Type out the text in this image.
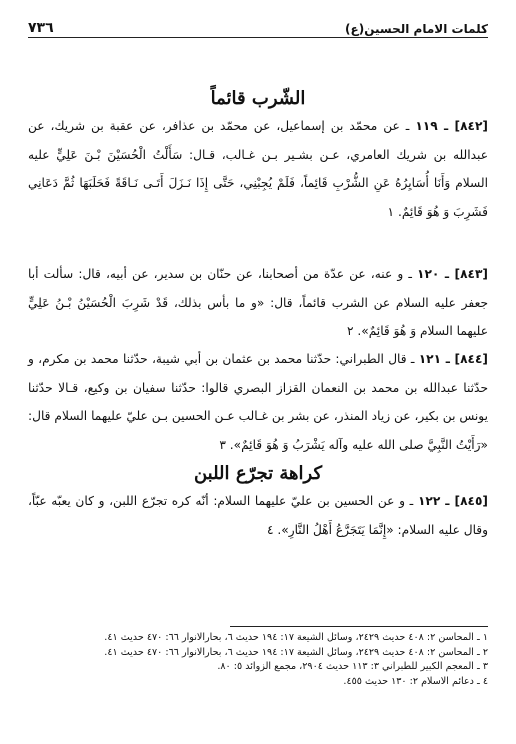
كلمات الامام الحسين(ع)
٧٣٦
الشّرب قائماً
[٨٤٢] ـ ١١٩ ـ عن محمّد بن إسماعيل، عن محمّد بن عذافر، عن عقبة بن شريك، عن عبدالله بن شريك العامري، عـن بشـير بـن غـالب، قـال: سَأَلْتُ الْحُسَيْنَ بْـنَ عَلِيٍّ عليه السلام وَأَنَا أُسَايِرُهُ عَنِ الشُّرْبِ قَائِماً، فَلَمْ يُجِبْنِي، حَتَّى إِذَا نَـزَلَ أَتَـى نَـاقَةً فَحَلَبَهَا ثُمَّ دَعَانِي فَشَرِبَ وَ هُوَ قَائِمٌ. ١
[٨٤٣] ـ ١٢٠ ـ و عنه، عن عدّة من أصحابنا، عن حنّان بن سدير، عن أبيه، قال: سألت أبا جعفر عليه السلام عن الشرب قائماً، قال: «و ما بأس بذلك، قَدْ شَرِبَ الْحُسَيْنُ بْـنُ عَلِيٍّ عليهما السلام وَ هُوَ قَائِمٌ». ٢
[٨٤٤] ـ ١٢١ ـ قال الطبراني: حدّثنا محمد بن عثمان بن أبي شيبة، حدّثنا محمد بن مكرم، و حدّثنا عبدالله بن محمد بن النعمان القزاز البصري قالوا: حدّثنا سفيان بن وكيع، قـالا حدّثنا يونس بن بكير، عن زياد المنذر، عن بشر بن غـالب عـن الحسين بـن عليّ عليهما السلام قال: «رَأَيْتُ النَّبِيَّ صلى الله عليه وآله يَشْرَبُ وَ هُوَ قَائِمٌ». ٣
كراهة تجرّع اللبن
[٨٤٥] ـ ١٢٢ ـ و عن الحسين بن عليّ عليهما السلام: أنّه كره تجرّع اللبن، و كان يعبّه عبّاً، وقال عليه السلام: «إِنَّمَا يَتَجَرَّعُ أَهْلُ النَّارِ». ٤
١ ـ المحاسن ٢: ٤٠٨ حديث ٢٤٢٩، وسائل الشيعة ١٧: ١٩٤ حديث ٦، بحارالانوار ٦٦: ٤٧٠ حديث ٤١.
٢ ـ المحاسن ٢: ٤٠٨ حديث ٢٤٢٩، وسائل الشيعة ١٧: ١٩٤ حديث ٦، بحارالانوار ٦٦: ٤٧٠ حديث ٤١.
٣ ـ المعجم الكبير للطبراني ٣: ١١٣ حديث ٢٩٠٤، مجمع الزوائد ٥: ٨٠.
٤ ـ دعائم الاسلام ٢: ١٣٠ حديث ٤٥٥.
